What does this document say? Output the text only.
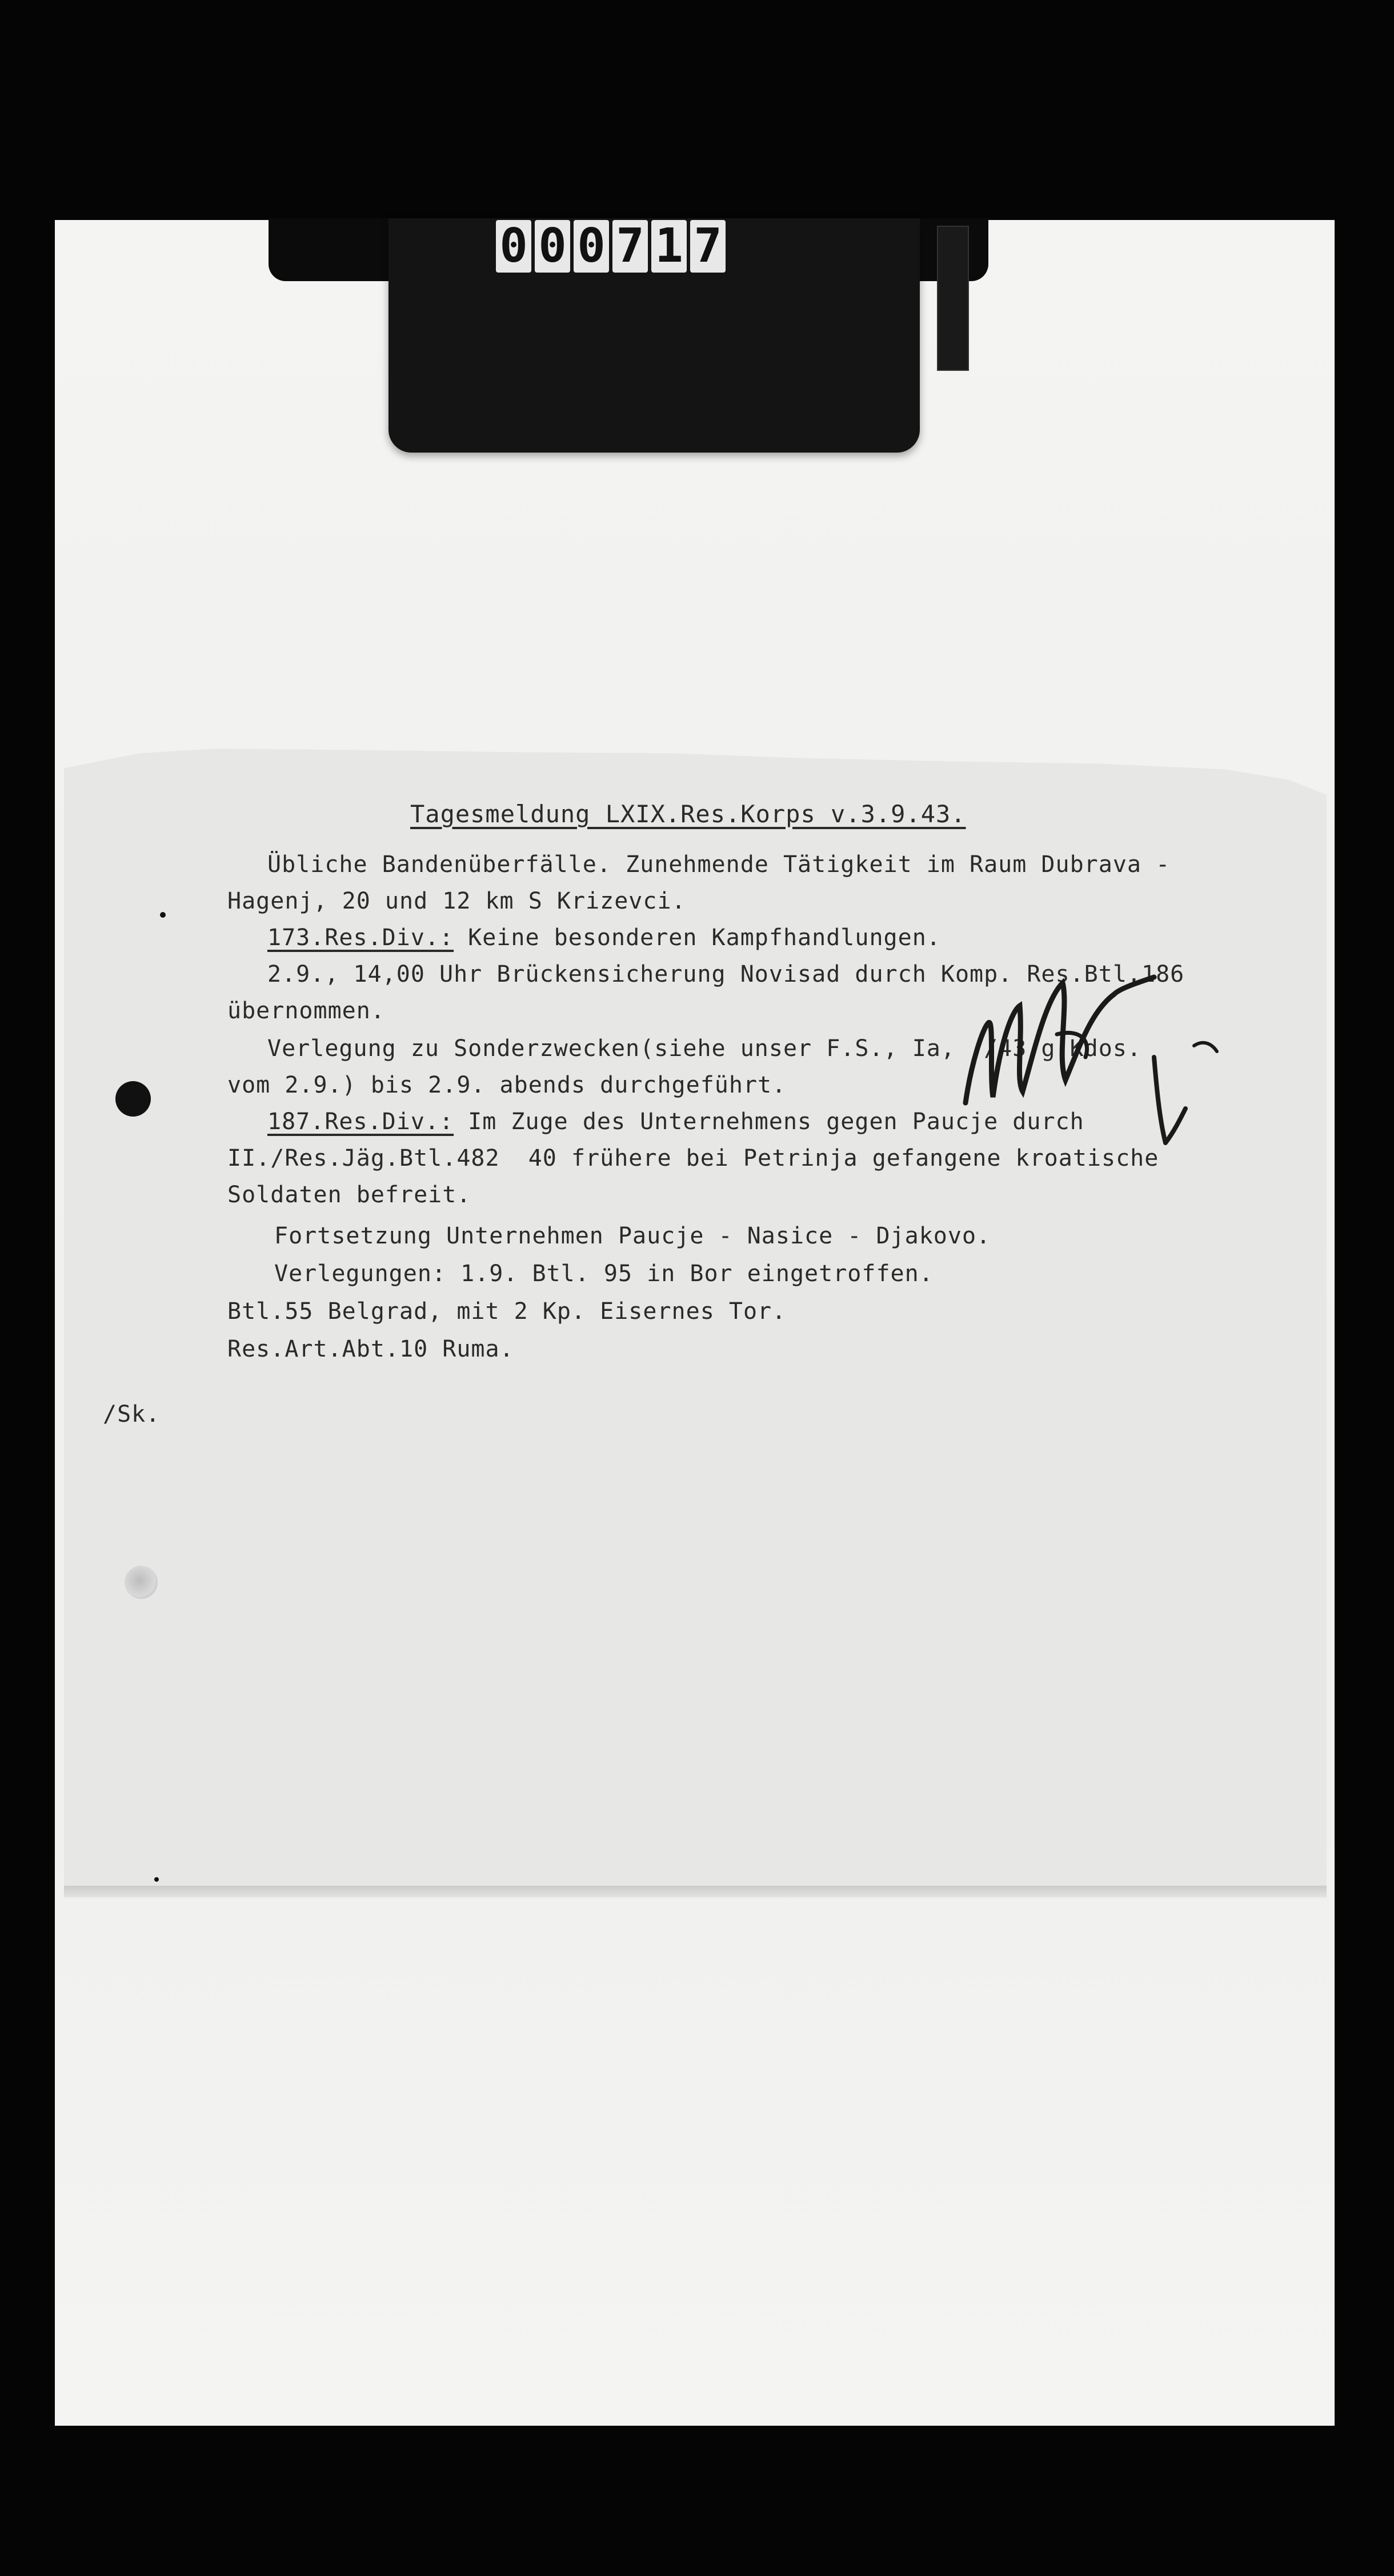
0 0 0 7 1 7
Tagesmeldung LXIX.Res.Korps v.3.9.43.
Übliche Bandenüberfälle. Zunehmende Tätigkeit im Raum Dubrava -
Hagenj, 20 und 12 km S Krizevci.
173.Res.Div.: Keine besonderen Kampfhandlungen.
2.9., 14,00 Uhr Brückensicherung Novisad durch Komp. Res.Btl.186
übernommen.
Verlegung zu Sonderzwecken(siehe unser F.S., Ia, ./43 g.Kdos.
vom 2.9.) bis 2.9. abends durchgeführt.
187.Res.Div.: Im Zuge des Unternehmens gegen Paucje durch
II./Res.Jäg.Btl.482  40 frühere bei Petrinja gefangene kroatische
Soldaten befreit.
Fortsetzung Unternehmen Paucje - Nasice - Djakovo.
Verlegungen: 1.9. Btl. 95 in Bor eingetroffen.
Btl.55 Belgrad, mit 2 Kp. Eisernes Tor.
Res.Art.Abt.10 Ruma.
/Sk.
